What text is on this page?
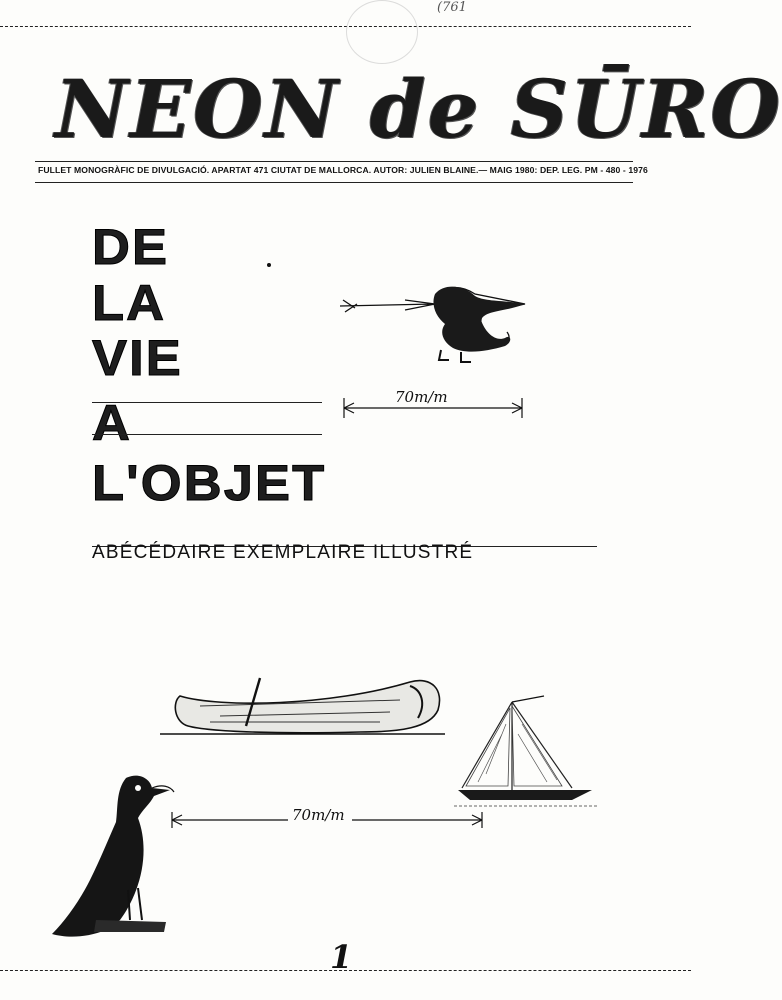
(761
NEON de SŪRO
FULLET MONOGRÀFIC DE DIVULGACIÓ. APARTAT 471 CIUTAT DE MALLORCA. AUTOR: JULIEN BLAINE.— MAIG 1980: DEP. LEG. PM - 480 - 1976
DE
LA
VIE
A
L'OBJET
70m/m
ABÉCÉDAIRE EXEMPLAIRE ILLUSTRÉ
70m/m
1
